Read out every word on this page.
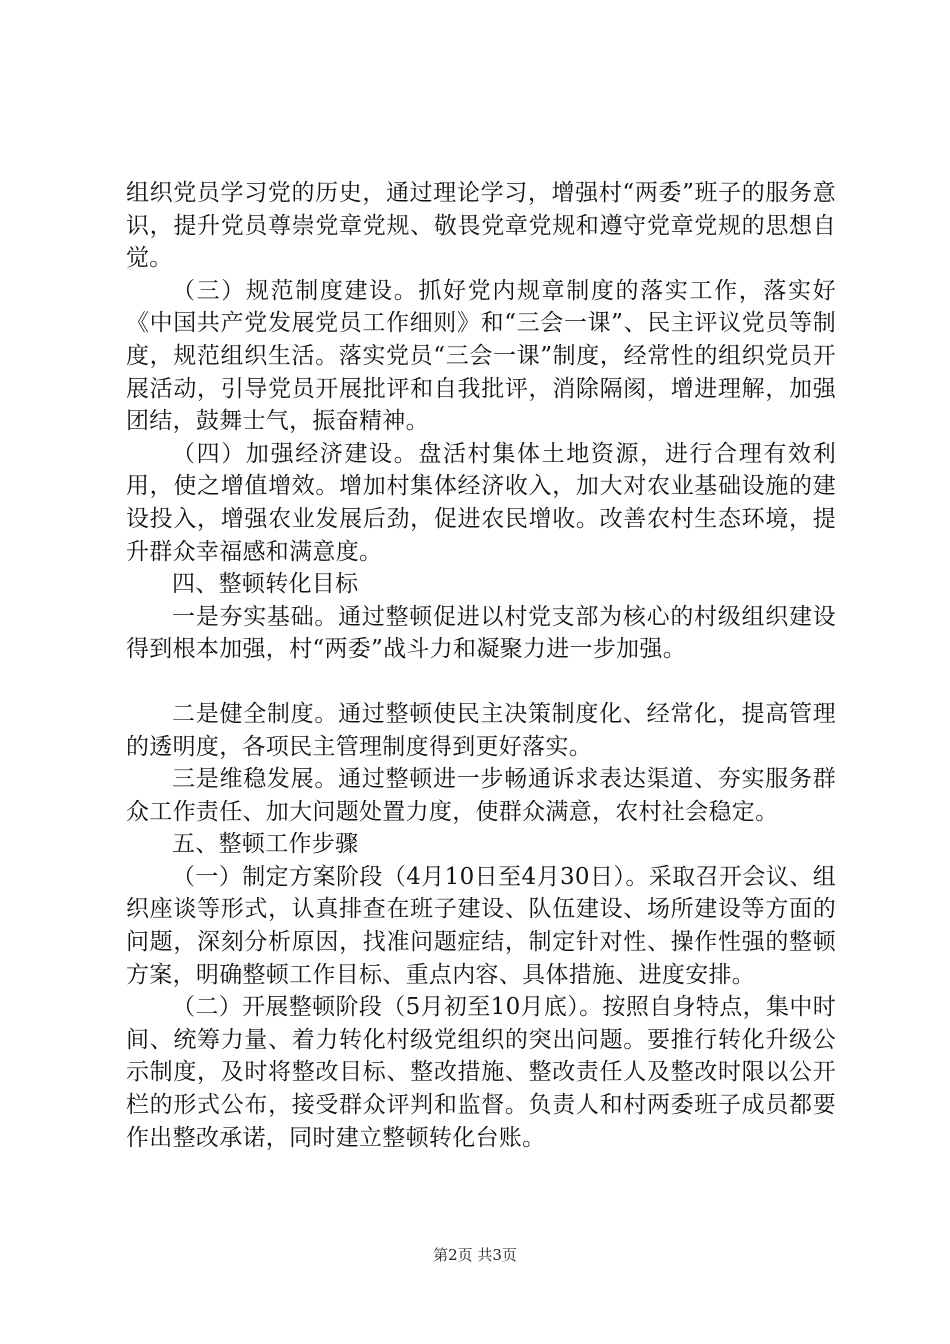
组织党员学习党的历史，通过理论学习，增强村“两委”班子的服务意识，提升党员尊崇党章党规、敬畏党章党规和遵守党章党规的思想自觉。

（三）规范制度建设。抓好党内规章制度的落实工作，落实好《中国共产党发展党员工作细则》和“三会一课”、民主评议党员等制度，规范组织生活。落实党员“三会一课”制度，经常性的组织党员开展活动，引导党员开展批评和自我批评，消除隔阂，增进理解，加强团结，鼓舞士气，振奋精神。

（四）加强经济建设。盘活村集体土地资源，进行合理有效利用，使之增值增效。增加村集体经济收入，加大对农业基础设施的建设投入，增强农业发展后劲，促进农民增收。改善农村生态环境，提升群众幸福感和满意度。

四、整顿转化目标

一是夯实基础。通过整顿促进以村党支部为核心的村级组织建设得到根本加强，村“两委”战斗力和凝聚力进一步加强。

二是健全制度。通过整顿使民主决策制度化、经常化，提高管理的透明度，各项民主管理制度得到更好落实。

三是维稳发展。通过整顿进一步畅通诉求表达渠道、夯实服务群众工作责任、加大问题处置力度，使群众满意，农村社会稳定。

五、整顿工作步骤

（一）制定方案阶段（4月10日至4月30日）。采取召开会议、组织座谈等形式，认真排查在班子建设、队伍建设、场所建设等方面的问题，深刻分析原因，找准问题症结，制定针对性、操作性强的整顿方案，明确整顿工作目标、重点内容、具体措施、进度安排。

（二）开展整顿阶段（5月初至10月底）。按照自身特点，集中时间、统筹力量、着力转化村级党组织的突出问题。要推行转化升级公示制度，及时将整改目标、整改措施、整改责任人及整改时限以公开栏的形式公布，接受群众评判和监督。负责人和村两委班子成员都要作出整改承诺，同时建立整顿转化台账。

第2页 共3页
